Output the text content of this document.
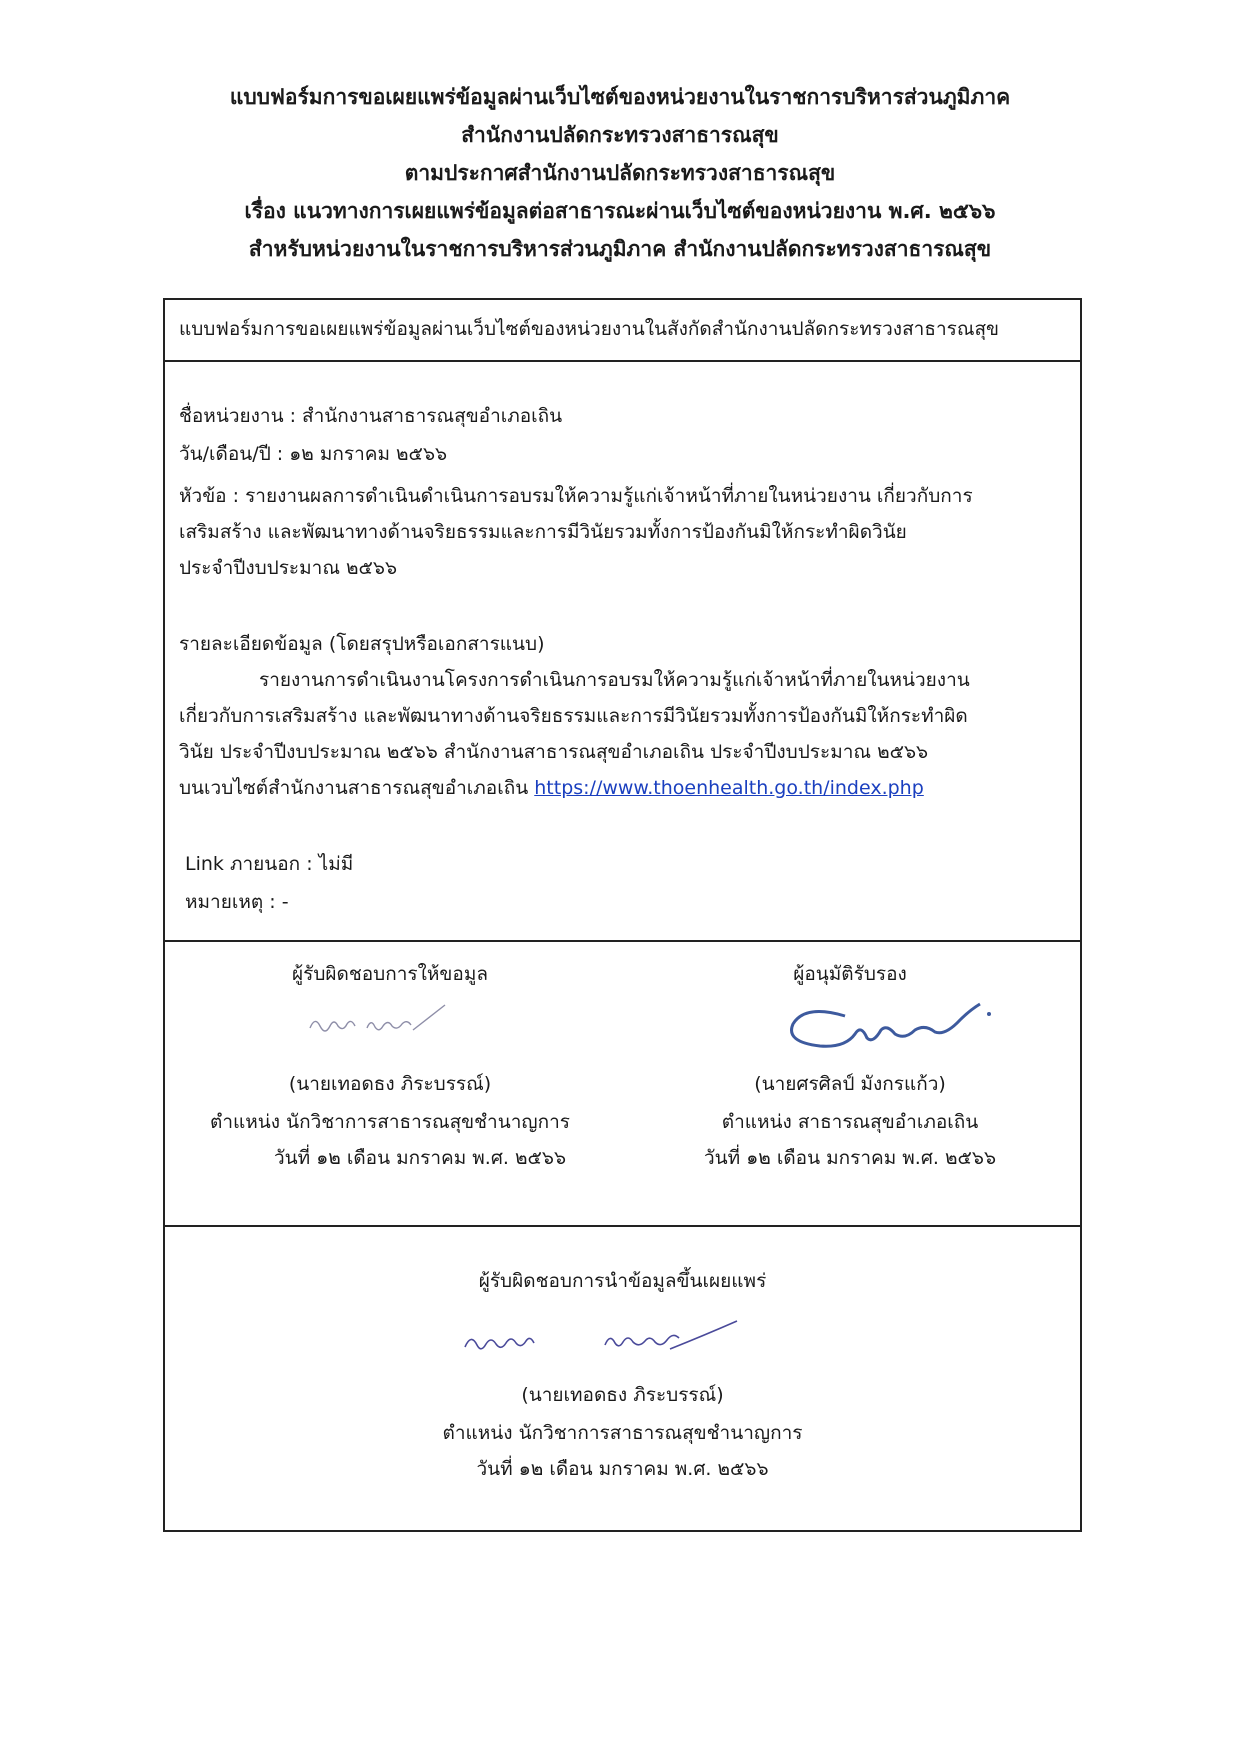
แบบฟอร์มการขอเผยแพร่ข้อมูลผ่านเว็บไซต์ของหน่วยงานในราชการบริหารส่วนภูมิภาค
สำนักงานปลัดกระทรวงสาธารณสุข
ตามประกาศสำนักงานปลัดกระทรวงสาธารณสุข
เรื่อง แนวทางการเผยแพร่ข้อมูลต่อสาธารณะผ่านเว็บไซต์ของหน่วยงาน พ.ศ. ๒๕๖๖
สำหรับหน่วยงานในราชการบริหารส่วนภูมิภาค สำนักงานปลัดกระทรวงสาธารณสุข
แบบฟอร์มการขอเผยแพร่ข้อมูลผ่านเว็บไซต์ของหน่วยงานในสังกัดสำนักงานปลัดกระทรวงสาธารณสุข
ชื่อหน่วยงาน : สำนักงานสาธารณสุขอำเภอเถิน
วัน/เดือน/ปี : ๑๒ มกราคม ๒๕๖๖
หัวข้อ : รายงานผลการดำเนินดำเนินการอบรมให้ความรู้แก่เจ้าหน้าที่ภายในหน่วยงาน เกี่ยวกับการ
เสริมสร้าง และพัฒนาทางด้านจริยธรรมและการมีวินัยรวมทั้งการป้องกันมิให้กระทำผิดวินัย
ประจำปีงบประมาณ ๒๕๖๖
รายละเอียดข้อมูล (โดยสรุปหรือเอกสารแนบ)
รายงานการดำเนินงานโครงการดำเนินการอบรมให้ความรู้แก่เจ้าหน้าที่ภายในหน่วยงาน
เกี่ยวกับการเสริมสร้าง และพัฒนาทางด้านจริยธรรมและการมีวินัยรวมทั้งการป้องกันมิให้กระทำผิด
วินัย ประจำปีงบประมาณ ๒๕๖๖ สำนักงานสาธารณสุขอำเภอเถิน ประจำปีงบประมาณ ๒๕๖๖
บนเวบไซต์สำนักงานสาธารณสุขอำเภอเถิน https://www.thoenhealth.go.th/index.php
Link ภายนอก : ไม่มี
หมายเหตุ : -
ผู้รับผิดชอบการให้ขอมูล
(นายเทอดธง ภิระบรรณ์)
ตำแหน่ง นักวิชาการสาธารณสุขชำนาญการ
วันที่ ๑๒ เดือน มกราคม พ.ศ. ๒๕๖๖
ผู้อนุมัติรับรอง
(นายศรศิลป์ มังกรแก้ว)
ตำแหน่ง สาธารณสุขอำเภอเถิน
วันที่ ๑๒ เดือน มกราคม พ.ศ. ๒๕๖๖
ผู้รับผิดชอบการนำข้อมูลขึ้นเผยแพร่
(นายเทอดธง ภิระบรรณ์)
ตำแหน่ง นักวิชาการสาธารณสุขชำนาญการ
วันที่ ๑๒ เดือน มกราคม พ.ศ. ๒๕๖๖
